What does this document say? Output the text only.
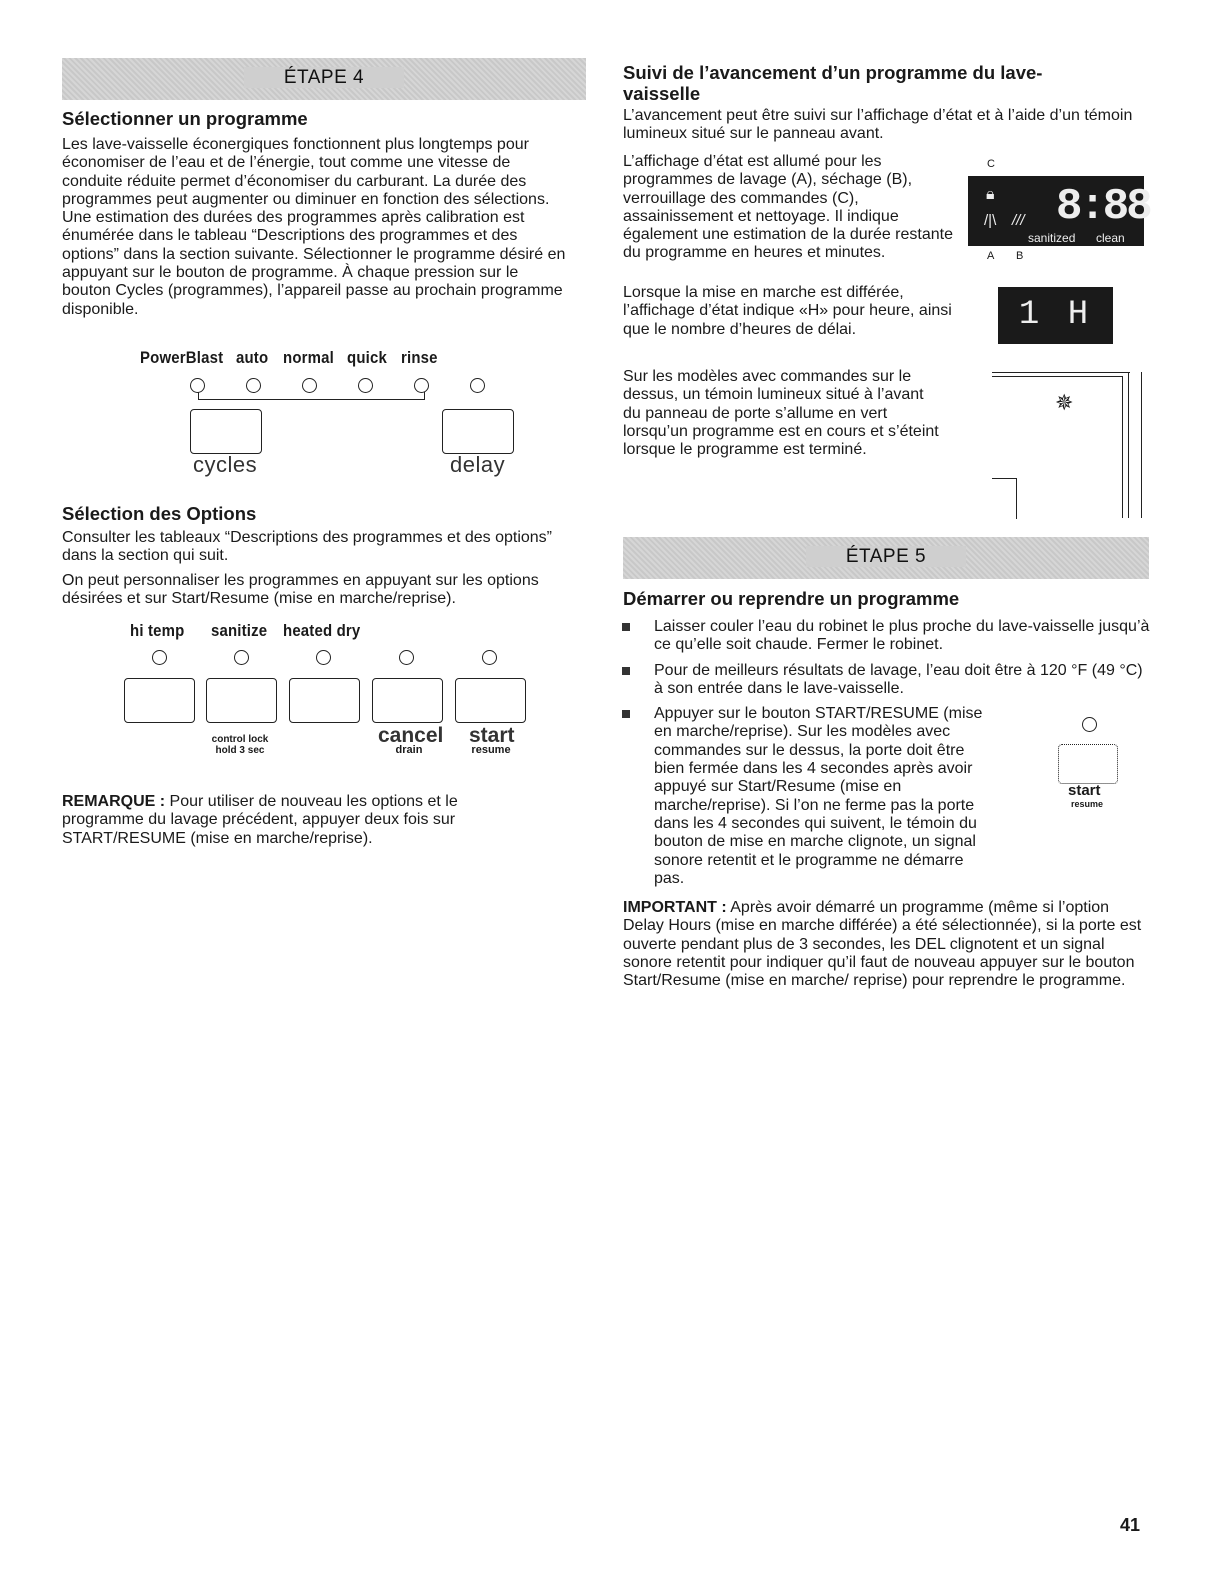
ÉTAPE 4
Sélectionner un programme

Les lave-vaisselle éconergiques fonctionnent plus longtemps pour économiser de l’eau et de l’énergie, tout comme une vitesse de conduite réduite permet d’économiser du carburant. La durée des programmes peut augmenter ou diminuer en fonction des sélections. Une estimation des durées des programmes après calibration est énumérée dans le tableau “Descriptions des programmes et des options” dans la section suivante. Sélectionner le programme désiré en appuyant sur le bouton de programme. À chaque pression sur le bouton Cycles (programmes), l’appareil passe au prochain programme disponible.

PowerBlast auto normal quick rinse
cycles	delay
Sélection des Options

Consulter les tableaux “Descriptions des programmes et des options” dans la section qui suit.

On peut personnaliser les programmes en appuyant sur les options désirées et sur Start/Resume (mise en marche/reprise).

hi temp sanitize heated dry
control lock
hold 3 sec
cancel
drain
start
resume

REMARQUE : Pour utiliser de nouveau les options et le programme du lavage précédent, appuyer deux fois sur START/RESUME (mise en marche/reprise).

Suivi de l’avancement d’un programme du lave-vaisselle

L’avancement peut être suivi sur l’affichage d’état et à l’aide d’un témoin lumineux situé sur le panneau avant.

L’affichage d’état est allumé pour les programmes de lavage (A), séchage (B), verrouillage des commandes (C), assainissement et nettoyage. Il indique également une estimation de la durée restante du programme en heures et minutes.

Lorsque la mise en marche est différée, l’affichage d’état indique «H» pour heure, ainsi que le nombre d’heures de délai.

Sur les modèles avec commandes sur le dessus, un témoin lumineux situé à l’avant du panneau de porte s’allume en vert lorsqu’un programme est en cours et s’éteint lorsque le programme est terminé.

C
🔒︎
/|\ /// 8:88
sanitized clean
A B
1 H
✵
ÉTAPE 5
Démarrer ou reprendre un programme
Laisser couler l’eau du robinet le plus proche du lave-vaisselle jusqu’à ce qu’elle soit chaude. Fermer le robinet.
Pour de meilleurs résultats de lavage, l’eau doit être à 120 °F (49 °C) à son entrée dans le lave-vaisselle.
Appuyer sur le bouton START/RESUME (mise en marche/reprise). Sur les modèles avec commandes sur le dessus, la porte doit être bien fermée dans les 4 secondes après avoir appuyé sur Start/Resume (mise en marche/reprise). Si l’on ne ferme pas la porte dans les 4 secondes qui suivent, le témoin du bouton de mise en marche clignote, un signal sonore retentit et le programme ne démarre pas.
start
resume

IMPORTANT : Après avoir démarré un programme (même si l’option Delay Hours (mise en marche différée) a été sélectionnée), si la porte est ouverte pendant plus de 3 secondes, les DEL clignotent et un signal sonore retentit pour indiquer qu’il faut de nouveau appuyer sur le bouton Start/Resume (mise en marche/ reprise) pour reprendre le programme.

41
